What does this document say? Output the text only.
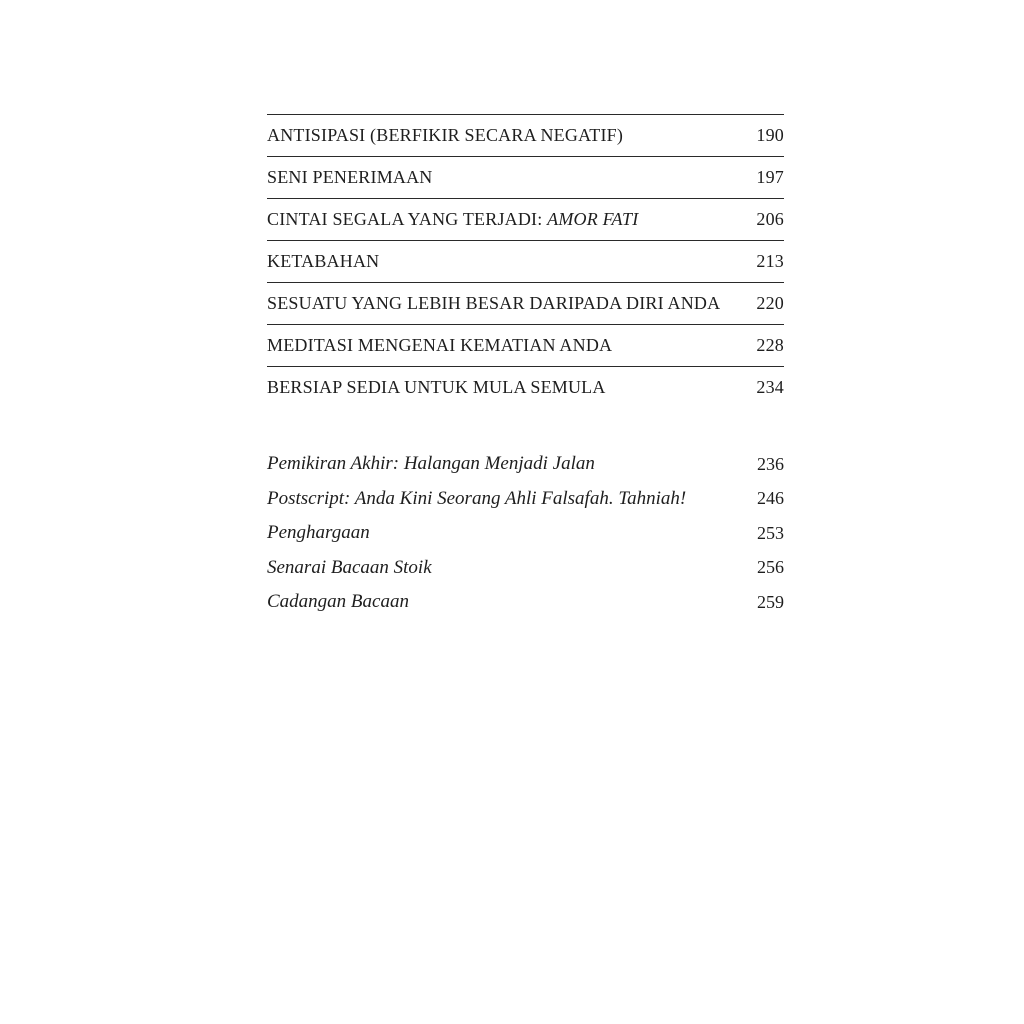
ANTISIPASI (BERFIKIR SECARA NEGATIF)	190
SENI PENERIMAAN	197
CINTAI SEGALA YANG TERJADI: AMOR FATI	206
KETABAHAN	213
SESUATU YANG LEBIH BESAR DARIPADA DIRI ANDA 220
MEDITASI MENGENAI KEMATIAN ANDA	228
BERSIAP SEDIA UNTUK MULA SEMULA	234
Pemikiran Akhir: Halangan Menjadi Jalan	236
Postscript: Anda Kini Seorang Ahli Falsafah. Tahniah!	246
Penghargaan	253
Senarai Bacaan Stoik	256
Cadangan Bacaan	259
